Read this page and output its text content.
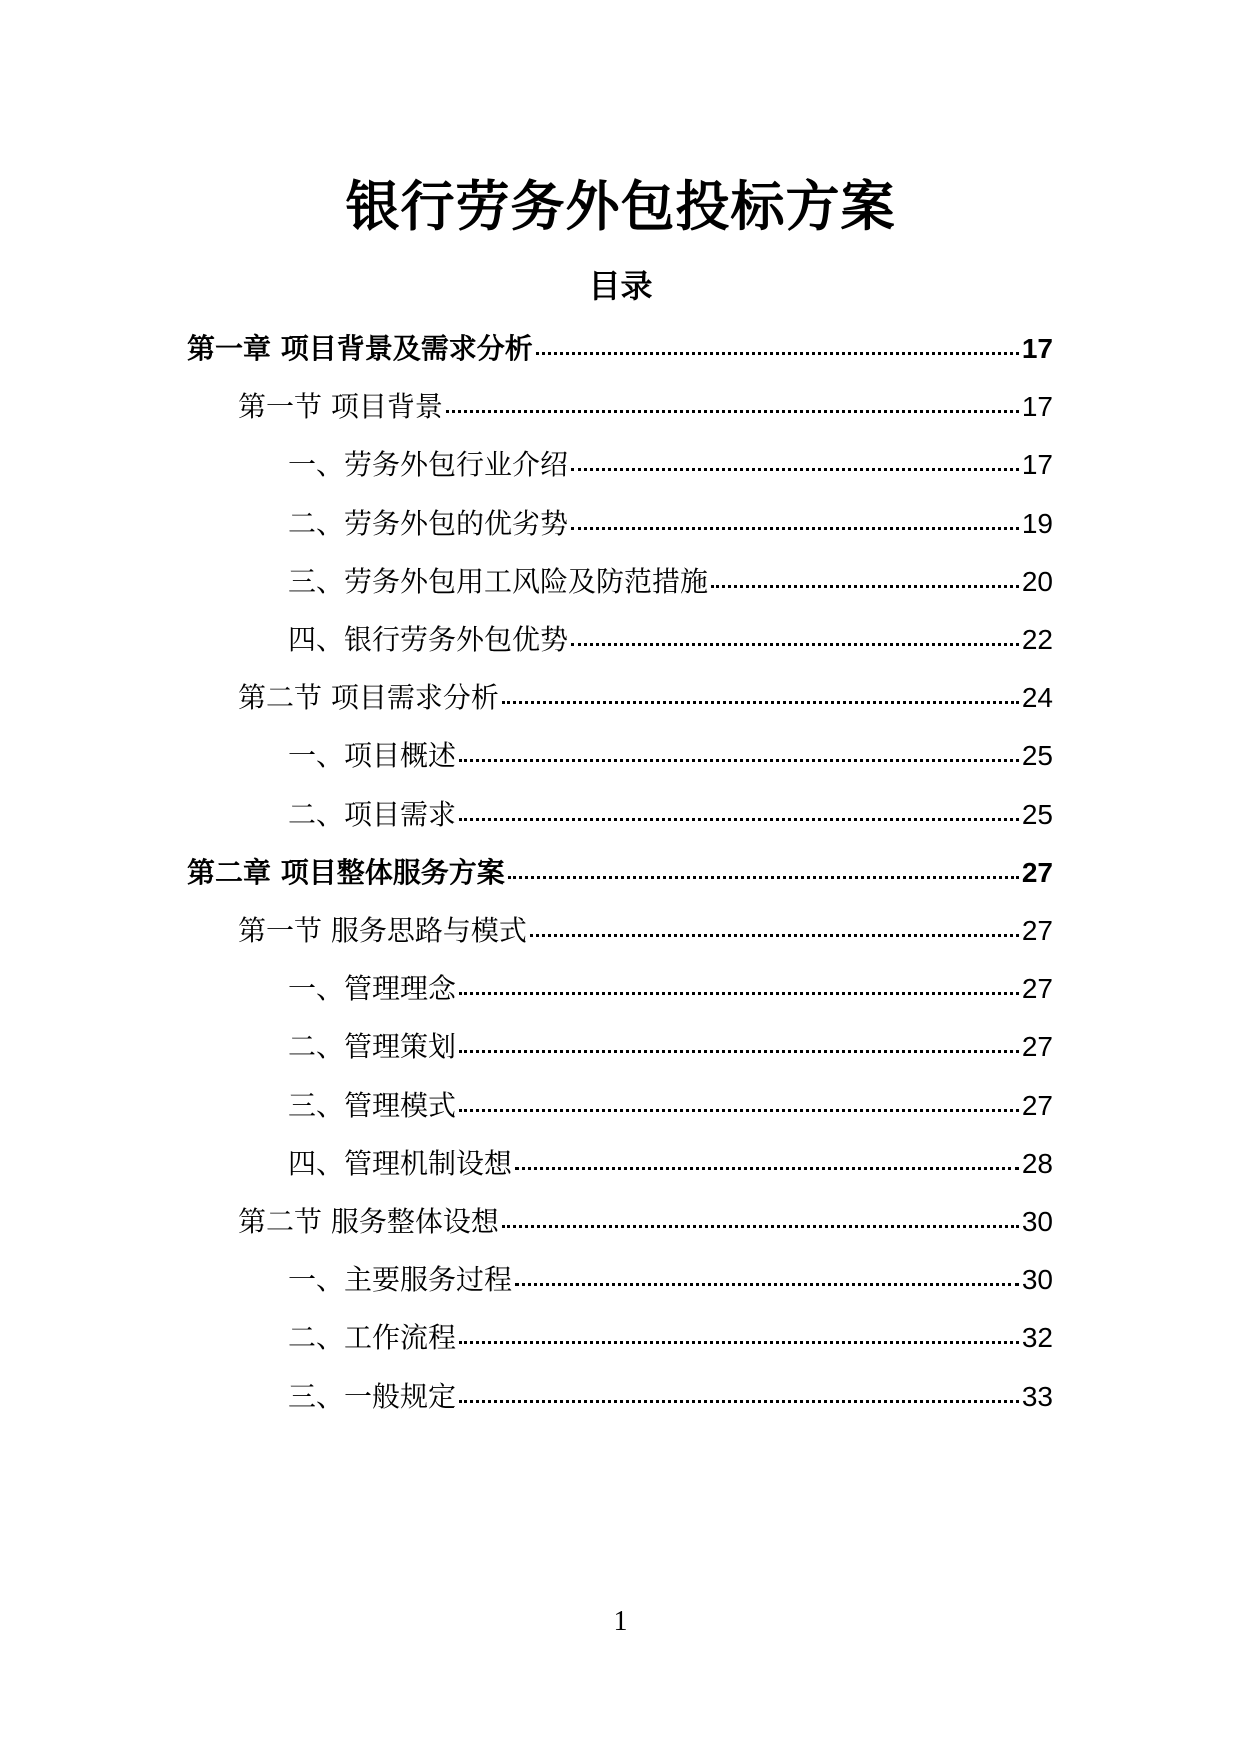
银行劳务外包投标方案
目录
第一章 项目背景及需求分析	17
第一节 项目背景	17
一、劳务外包行业介绍	17
二、劳务外包的优劣势	19
三、劳务外包用工风险及防范措施	20
四、银行劳务外包优势	22
第二节 项目需求分析	24
一、项目概述	25
二、项目需求	25
第二章 项目整体服务方案	27
第一节 服务思路与模式	27
一、管理理念	27
二、管理策划	27
三、管理模式	27
四、管理机制设想	28
第二节 服务整体设想	30
一、主要服务过程	30
二、工作流程	32
三、一般规定	33
1
